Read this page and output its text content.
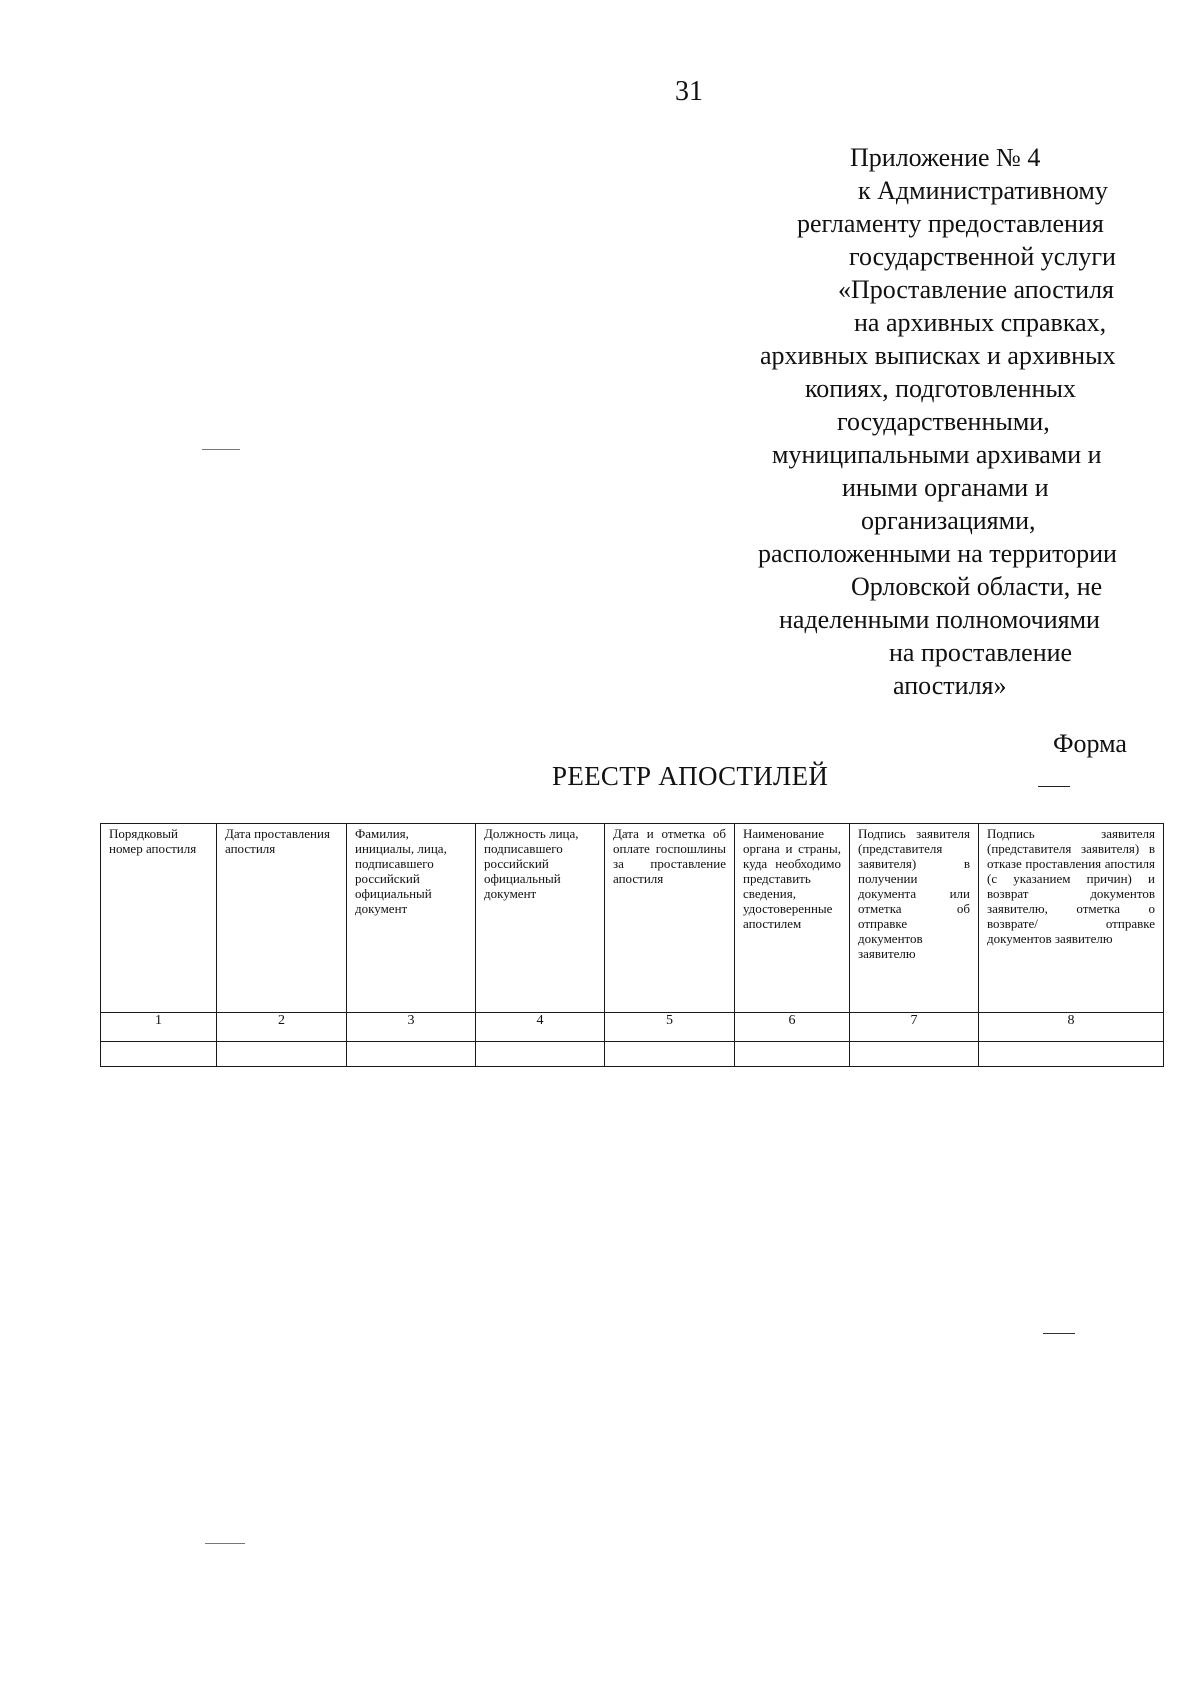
31
Приложение № 4
к Административному
регламенту предоставления
государственной услуги
«Проставление апостиля
на архивных справках,
архивных выписках и архивных
копиях, подготовленных
государственными,
муниципальными архивами и
иными органами и
организациями,
расположенными на территории
Орловской области, не
наделенными полномочиями
на проставление
апостиля»
Форма
РЕЕСТР АПОСТИЛЕЙ
Порядковый номер апостиля	Дата проставления апостиля	Фамилия, инициалы, лица, подписавшего российский официальный документ	Должность лица, подписавшего российский официальный документ	Дата и отметка об оплате госпошлины за проставление апостиля	Наименование органа и страны, куда необходимо представить сведения, удостоверенные апостилем	Подпись заявителя (представителя заявителя) в получении документа или отметка об отправке документов заявителю	Подпись заявителя (представителя заявителя) в отказе проставления апостиля (с указанием причин) и возврат документов заявителю, отметка о возврате/ отправке документов заявителю
1	2	3	4	5	6	7	8
